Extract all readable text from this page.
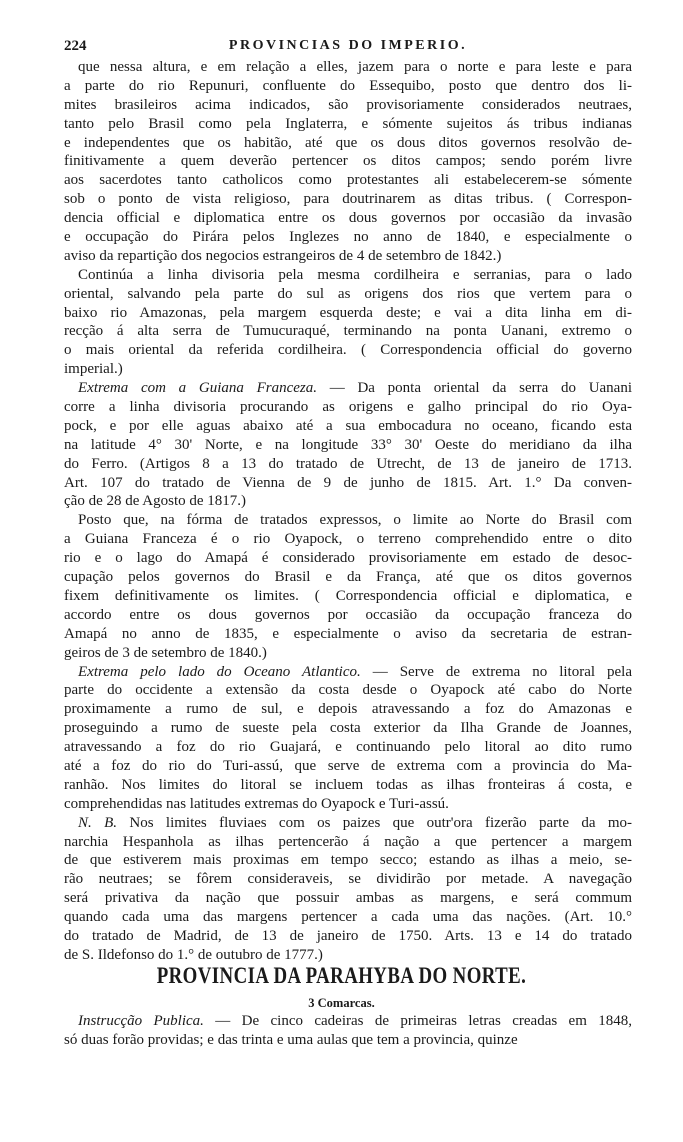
224	PROVINCIAS DO IMPERIO.
que nessa altura, e em relação a elles, jazem para o norte e para leste e para
a parte do rio Repunuri, confluente do Essequibo, posto que dentro dos li-
mites brasileiros acima indicados, são provisoriamente considerados neutraes,
tanto pelo Brasil como pela Inglaterra, e sómente sujeitos ás tribus indianas
e independentes que os habitão, até que os dous ditos governos resolvão de-
finitivamente a quem deverão pertencer os ditos campos; sendo porém livre
aos sacerdotes tanto catholicos como protestantes ali estabelecerem-se sómente
sob o ponto de vista religioso, para doutrinarem as ditas tribus. ( Correspon-
dencia official e diplomatica entre os dous governos por occasião da invasão
e occupação do Pirára pelos Inglezes no anno de 1840, e especialmente o
aviso da repartição dos negocios estrangeiros de 4 de setembro de 1842.)
Continúa a linha divisoria pela mesma cordilheira e serranias, para o lado
oriental, salvando pela parte do sul as origens dos rios que vertem para o
baixo rio Amazonas, pela margem esquerda deste; e vai a dita linha em di-
recção á alta serra de Tumucuraqué, terminando na ponta Uanani, extremo o
o mais oriental da referida cordilheira. ( Correspondencia official do governo
imperial.)
Extrema com a Guiana Franceza. — Da ponta oriental da serra do Uanani
corre a linha divisoria procurando as origens e galho principal do rio Oya-
pock, e por elle aguas abaixo até a sua embocadura no oceano, ficando esta
na latitude 4° 30' Norte, e na longitude 33° 30' Oeste do meridiano da ilha
do Ferro. (Artigos 8 a 13 do tratado de Utrecht, de 13 de janeiro de 1713.
Art. 107 do tratado de Vienna de 9 de junho de 1815. Art. 1.° Da conven-
ção de 28 de Agosto de 1817.)
Posto que, na fórma de tratados expressos, o limite ao Norte do Brasil com
a Guiana Franceza é o rio Oyapock, o terreno comprehendido entre o dito
rio e o lago do Amapá é considerado provisoriamente em estado de desoc-
cupação pelos governos do Brasil e da França, até que os ditos governos
fixem definitivamente os limites. ( Correspondencia official e diplomatica, e
accordo entre os dous governos por occasião da occupação franceza do
Amapá no anno de 1835, e especialmente o aviso da secretaria de estran-
geiros de 3 de setembro de 1840.)
Extrema pelo lado do Oceano Atlantico. — Serve de extrema no litoral pela
parte do occidente a extensão da costa desde o Oyapock até cabo do Norte
proximamente a rumo de sul, e depois atravessando a foz do Amazonas e
proseguindo a rumo de sueste pela costa exterior da Ilha Grande de Joannes,
atravessando a foz do rio Guajará, e continuando pelo litoral ao dito rumo
até a foz do rio do Turi-assú, que serve de extrema com a provincia do Ma-
ranhão. Nos limites do litoral se incluem todas as ilhas fronteiras á costa, e
comprehendidas nas latitudes extremas do Oyapock e Turi-assú.
N. B. Nos limites fluviaes com os paizes que outr'ora fizerão parte da mo-
narchia Hespanhola as ilhas pertencerão á nação a que pertencer a margem
de que estiverem mais proximas em tempo secco; estando as ilhas a meio, se-
rão neutraes; se fôrem consideraveis, se dividirão por metade. A navegação
será privativa da nação que possuir ambas as margens, e será commum
quando cada uma das margens pertencer a cada uma das nações. (Art. 10.°
do tratado de Madrid, de 13 de janeiro de 1750. Arts. 13 e 14 do tratado
de S. Ildefonso do 1.° de outubro de 1777.)
PROVINCIA DA PARAHYBA DO NORTE.
3 Comarcas.
Instrucção Publica. — De cinco cadeiras de primeiras letras creadas em 1848,
só duas forão providas; e das trinta e uma aulas que tem a provincia, quinze
